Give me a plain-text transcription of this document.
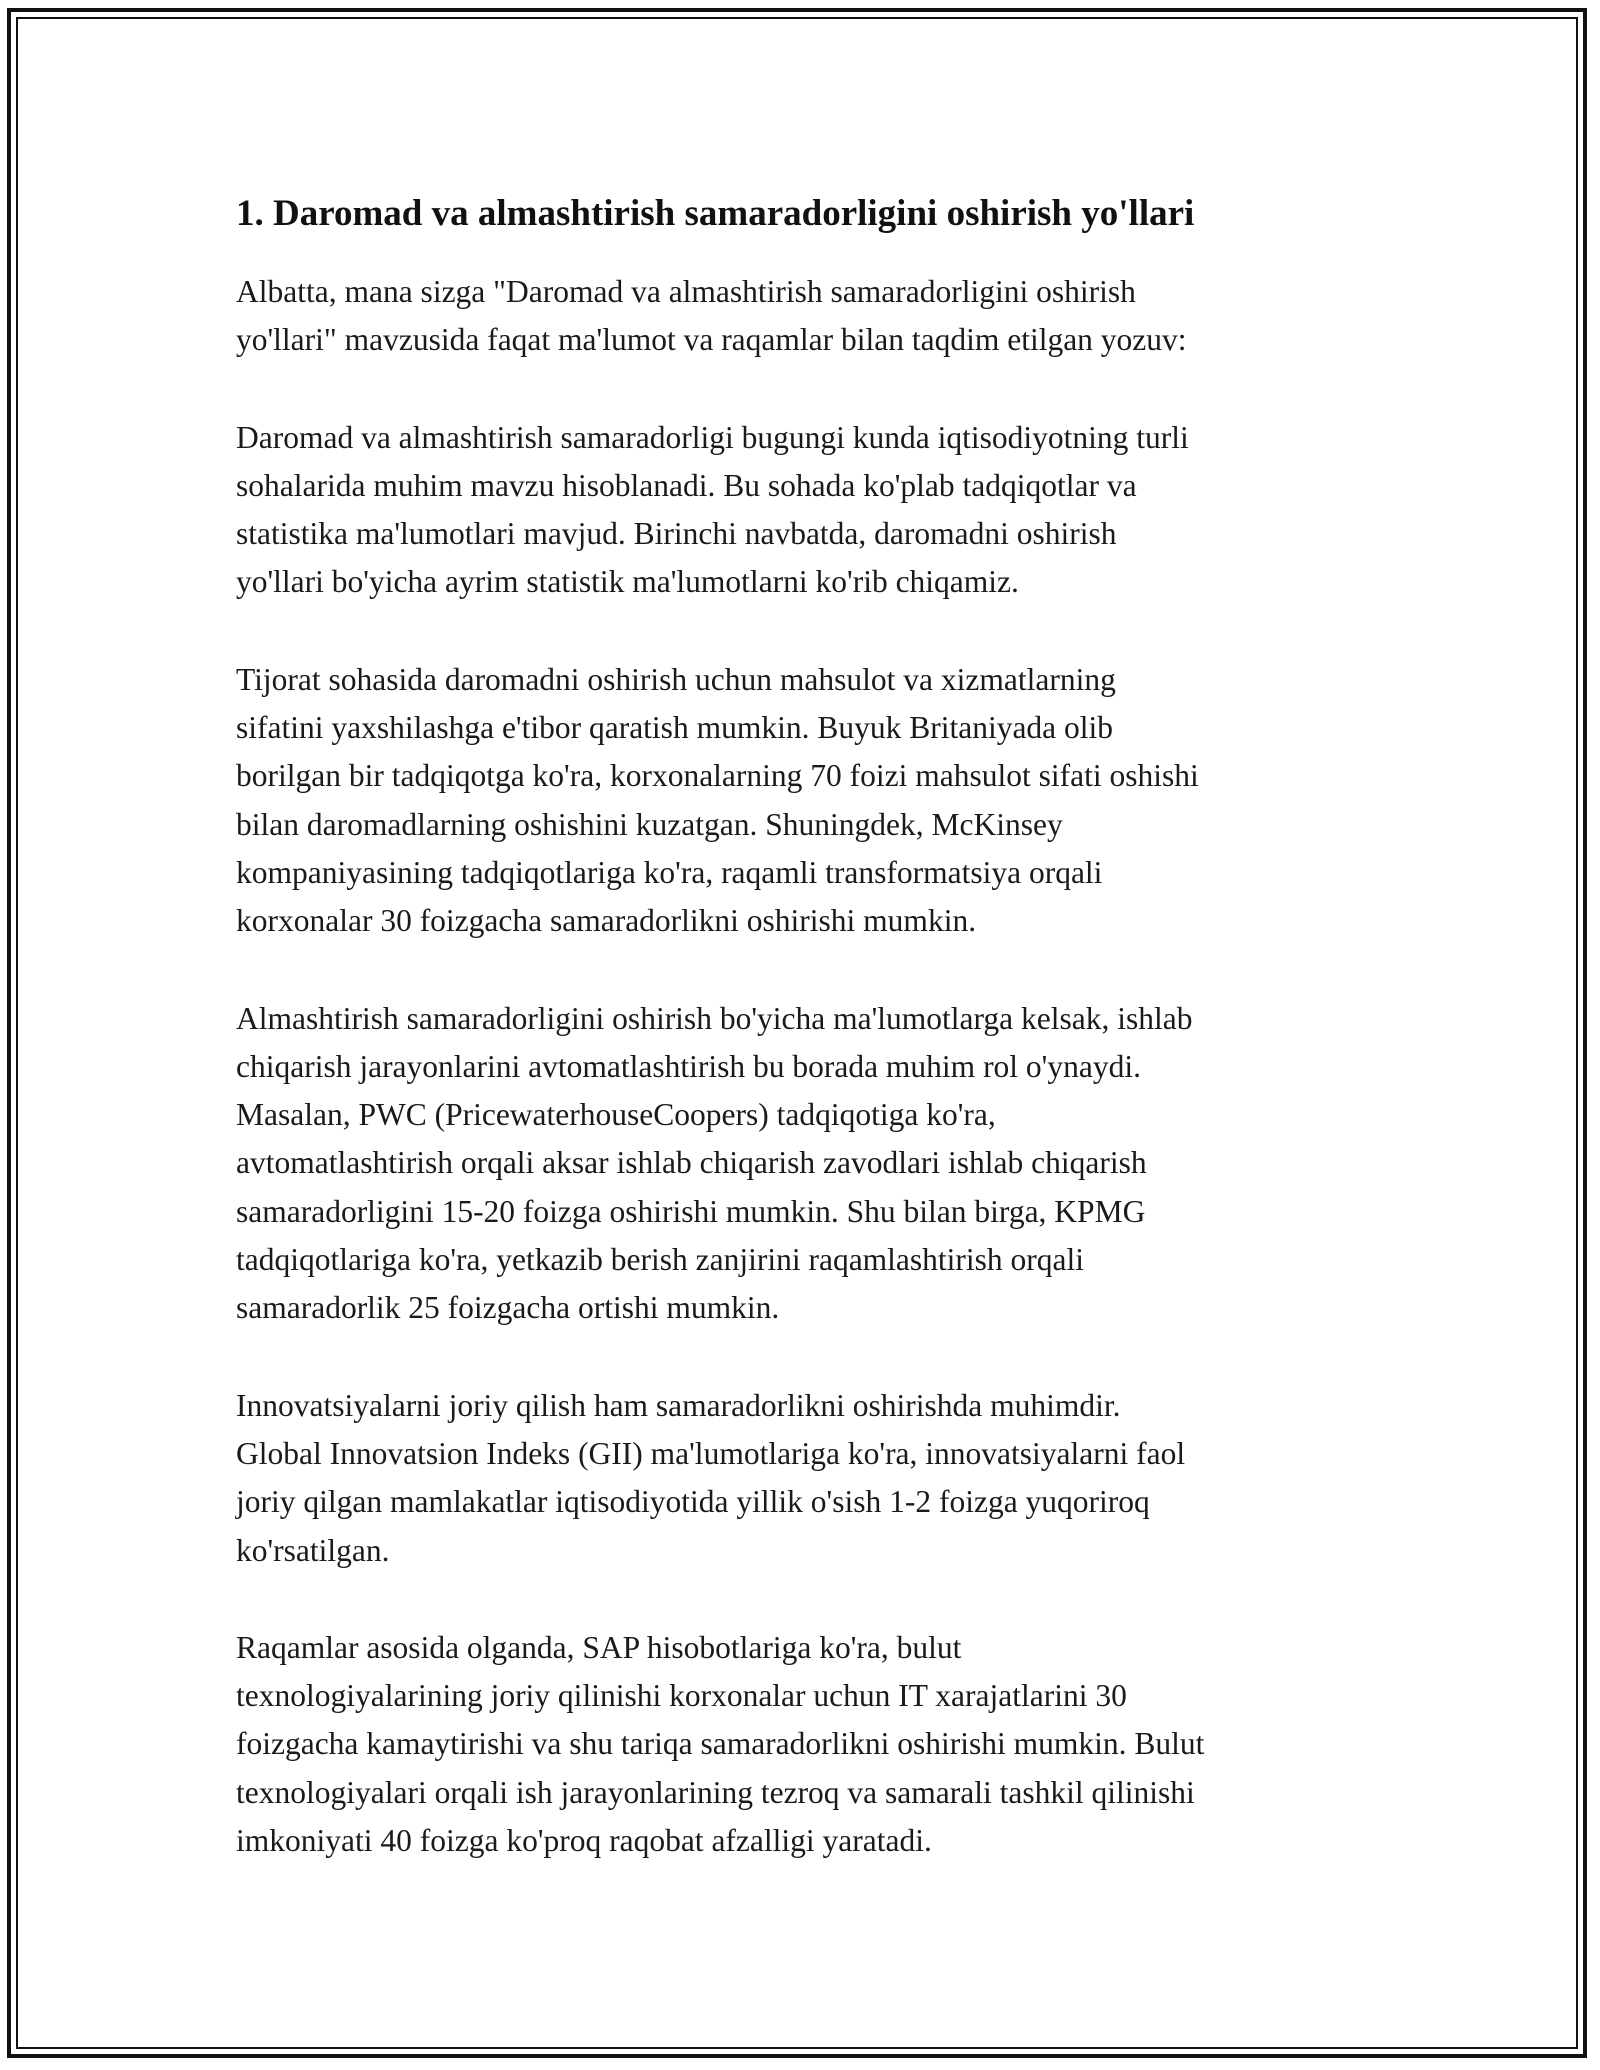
1. Daromad va almashtirish samaradorligini oshirish yo'llari

Albatta, mana sizga "Daromad va almashtirish samaradorligini oshirish
yo'llari" mavzusida faqat ma'lumot va raqamlar bilan taqdim etilgan yozuv:

Daromad va almashtirish samaradorligi bugungi kunda iqtisodiyotning turli
sohalarida muhim mavzu hisoblanadi. Bu sohada ko'plab tadqiqotlar va
statistika ma'lumotlari mavjud. Birinchi navbatda, daromadni oshirish
yo'llari bo'yicha ayrim statistik ma'lumotlarni ko'rib chiqamiz.

Tijorat sohasida daromadni oshirish uchun mahsulot va xizmatlarning
sifatini yaxshilashga e'tibor qaratish mumkin. Buyuk Britaniyada olib
borilgan bir tadqiqotga ko'ra, korxonalarning 70 foizi mahsulot sifati oshishi
bilan daromadlarning oshishini kuzatgan. Shuningdek, McKinsey
kompaniyasining tadqiqotlariga ko'ra, raqamli transformatsiya orqali
korxonalar 30 foizgacha samaradorlikni oshirishi mumkin.

Almashtirish samaradorligini oshirish bo'yicha ma'lumotlarga kelsak, ishlab
chiqarish jarayonlarini avtomatlashtirish bu borada muhim rol o'ynaydi.
Masalan, PWC (PricewaterhouseCoopers) tadqiqotiga ko'ra,
avtomatlashtirish orqali aksar ishlab chiqarish zavodlari ishlab chiqarish
samaradorligini 15-20 foizga oshirishi mumkin. Shu bilan birga, KPMG
tadqiqotlariga ko'ra, yetkazib berish zanjirini raqamlashtirish orqali
samaradorlik 25 foizgacha ortishi mumkin.

Innovatsiyalarni joriy qilish ham samaradorlikni oshirishda muhimdir.
Global Innovatsion Indeks (GII) ma'lumotlariga ko'ra, innovatsiyalarni faol
joriy qilgan mamlakatlar iqtisodiyotida yillik o'sish 1-2 foizga yuqoriroq
ko'rsatilgan.

Raqamlar asosida olganda, SAP hisobotlariga ko'ra, bulut
texnologiyalarining joriy qilinishi korxonalar uchun IT xarajatlarini 30
foizgacha kamaytirishi va shu tariqa samaradorlikni oshirishi mumkin. Bulut
texnologiyalari orqali ish jarayonlarining tezroq va samarali tashkil qilinishi
imkoniyati 40 foizga ko'proq raqobat afzalligi yaratadi.
